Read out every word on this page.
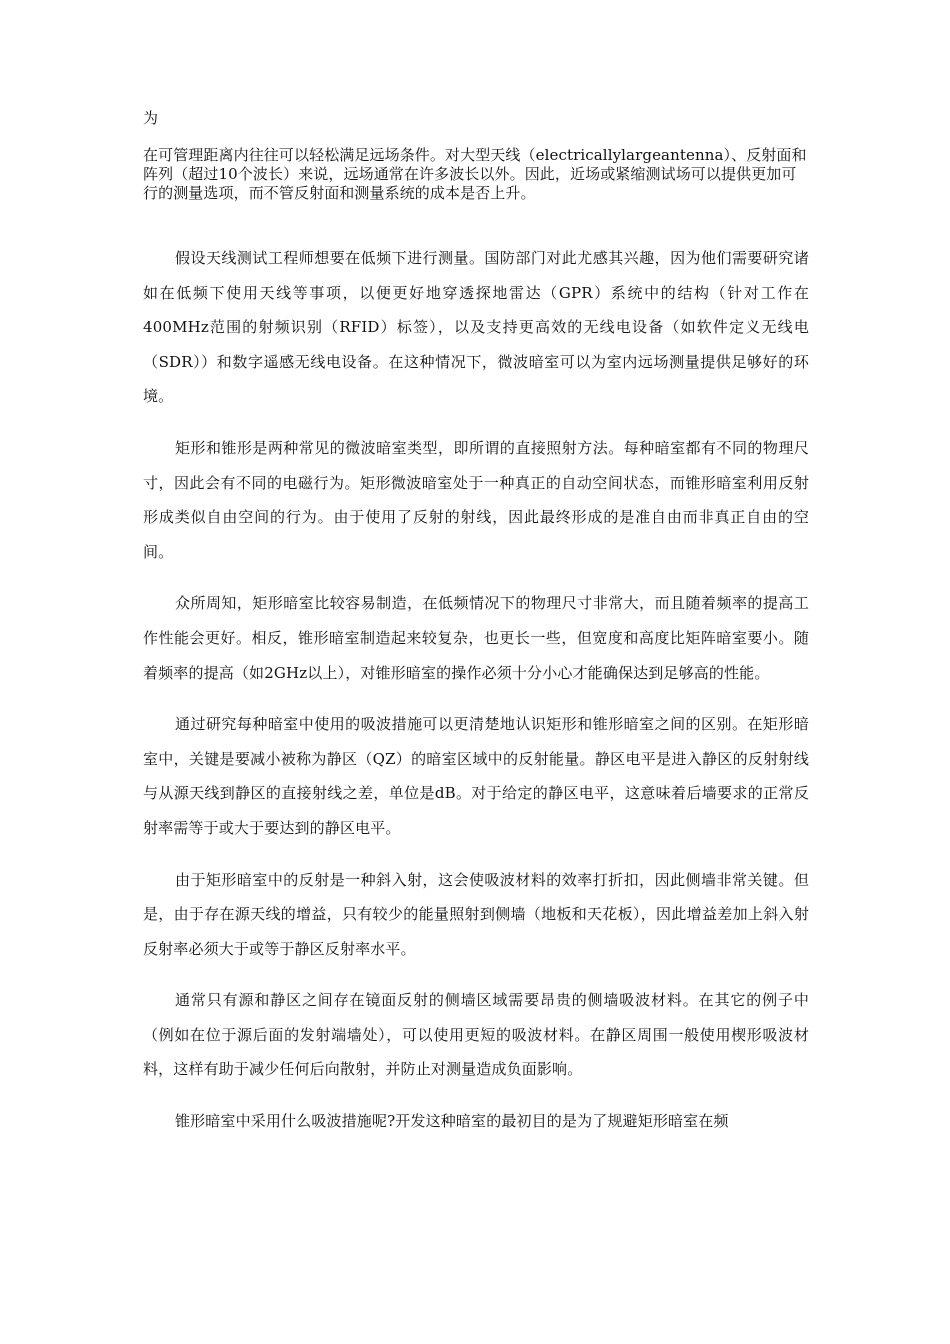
为

在可管理距离内往往可以轻松满足远场条件。对大型天线（electricallylargeantenna）、反射面和阵列（超过10个波长）来说，远场通常在许多波长以外。因此，近场或紧缩测试场可以提供更加可行的测量选项，而不管反射面和测量系统的成本是否上升。

假设天线测试工程师想要在低频下进行测量。国防部门对此尤感其兴趣，因为他们需要研究诸如在低频下使用天线等事项，以便更好地穿透探地雷达（GPR）系统中的结构（针对工作在400MHz范围的射频识别（RFID）标签），以及支持更高效的无线电设备（如软件定义无线电（SDR））和数字遥感无线电设备。在这种情况下，微波暗室可以为室内远场测量提供足够好的环境。

矩形和锥形是两种常见的微波暗室类型，即所谓的直接照射方法。每种暗室都有不同的物理尺寸，因此会有不同的电磁行为。矩形微波暗室处于一种真正的自动空间状态，而锥形暗室利用反射形成类似自由空间的行为。由于使用了反射的射线，因此最终形成的是准自由而非真正自由的空间。

众所周知，矩形暗室比较容易制造，在低频情况下的物理尺寸非常大，而且随着频率的提高工作性能会更好。相反，锥形暗室制造起来较复杂，也更长一些，但宽度和高度比矩阵暗室要小。随着频率的提高（如2GHz以上），对锥形暗室的操作必须十分小心才能确保达到足够高的性能。

通过研究每种暗室中使用的吸波措施可以更清楚地认识矩形和锥形暗室之间的区别。在矩形暗室中，关键是要减小被称为静区（QZ）的暗室区域中的反射能量。静区电平是进入静区的反射射线与从源天线到静区的直接射线之差，单位是dB。对于给定的静区电平，这意味着后墙要求的正常反射率需等于或大于要达到的静区电平。

由于矩形暗室中的反射是一种斜入射，这会使吸波材料的效率打折扣，因此侧墙非常关键。但是，由于存在源天线的增益，只有较少的能量照射到侧墙（地板和天花板），因此增益差加上斜入射反射率必须大于或等于静区反射率水平。

通常只有源和静区之间存在镜面反射的侧墙区域需要昂贵的侧墙吸波材料。在其它的例子中（例如在位于源后面的发射端墙处），可以使用更短的吸波材料。在静区周围一般使用楔形吸波材料，这样有助于减少任何后向散射，并防止对测量造成负面影响。

锥形暗室中采用什么吸波措施呢?开发这种暗室的最初目的是为了规避矩形暗室在频
